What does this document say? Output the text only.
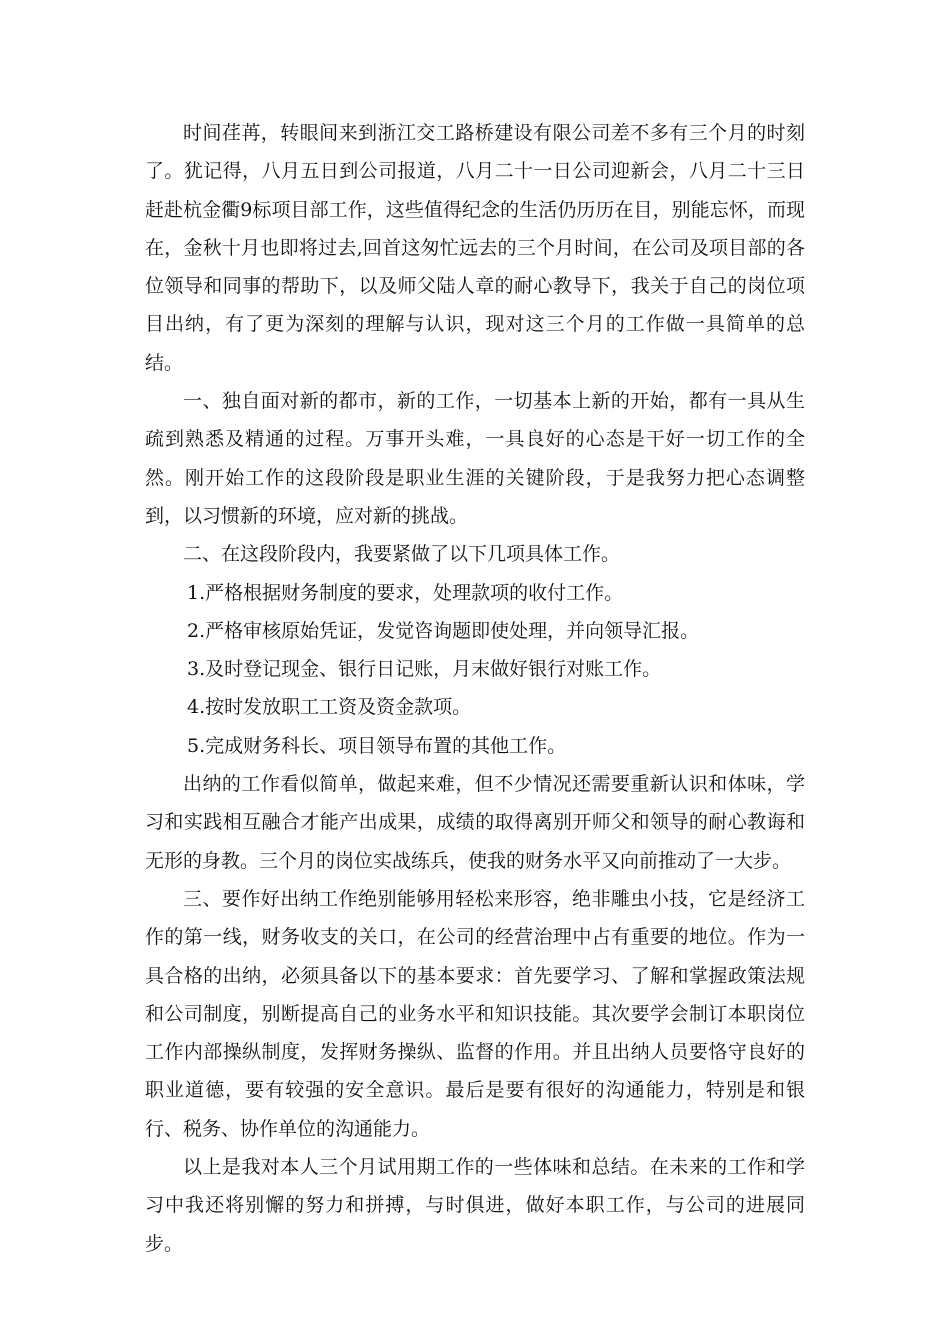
时间荏苒，转眼间来到浙江交工路桥建设有限公司差不多有三个月的时刻了。犹记得，八月五日到公司报道，八月二十一日公司迎新会，八月二十三日赶赴杭金衢9标项目部工作，这些值得纪念的生活仍历历在目，别能忘怀，而现在，金秋十月也即将过去,回首这匆忙远去的三个月时间，在公司及项目部的各位领导和同事的帮助下，以及师父陆人章的耐心教导下，我关于自己的岗位项目出纳，有了更为深刻的理解与认识，现对这三个月的工作做一具简单的总结。

一、独自面对新的都市，新的工作，一切基本上新的开始，都有一具从生疏到熟悉及精通的过程。万事开头难，一具良好的心态是干好一切工作的全然。刚开始工作的这段阶段是职业生涯的关键阶段，于是我努力把心态调整到，以习惯新的环境，应对新的挑战。

二、在这段阶段内，我要紧做了以下几项具体工作。

1.严格根据财务制度的要求，处理款项的收付工作。

2.严格审核原始凭证，发觉咨询题即使处理，并向领导汇报。

3.及时登记现金、银行日记账，月末做好银行对账工作。

4.按时发放职工工资及资金款项。

5.完成财务科长、项目领导布置的其他工作。

出纳的工作看似简单，做起来难，但不少情况还需要重新认识和体味，学习和实践相互融合才能产出成果，成绩的取得离别开师父和领导的耐心教诲和无形的身教。三个月的岗位实战练兵，使我的财务水平又向前推动了一大步。

三、要作好出纳工作绝别能够用轻松来形容，绝非雕虫小技，它是经济工作的第一线，财务收支的关口，在公司的经营治理中占有重要的地位。作为一具合格的出纳，必须具备以下的基本要求：首先要学习、了解和掌握政策法规和公司制度，别断提高自己的业务水平和知识技能。其次要学会制订本职岗位工作内部操纵制度，发挥财务操纵、监督的作用。并且出纳人员要恪守良好的职业道德，要有较强的安全意识。最后是要有很好的沟通能力，特别是和银行、税务、协作单位的沟通能力。

以上是我对本人三个月试用期工作的一些体味和总结。在未来的工作和学习中我还将别懈的努力和拼搏，与时俱进，做好本职工作，与公司的进展同步。
